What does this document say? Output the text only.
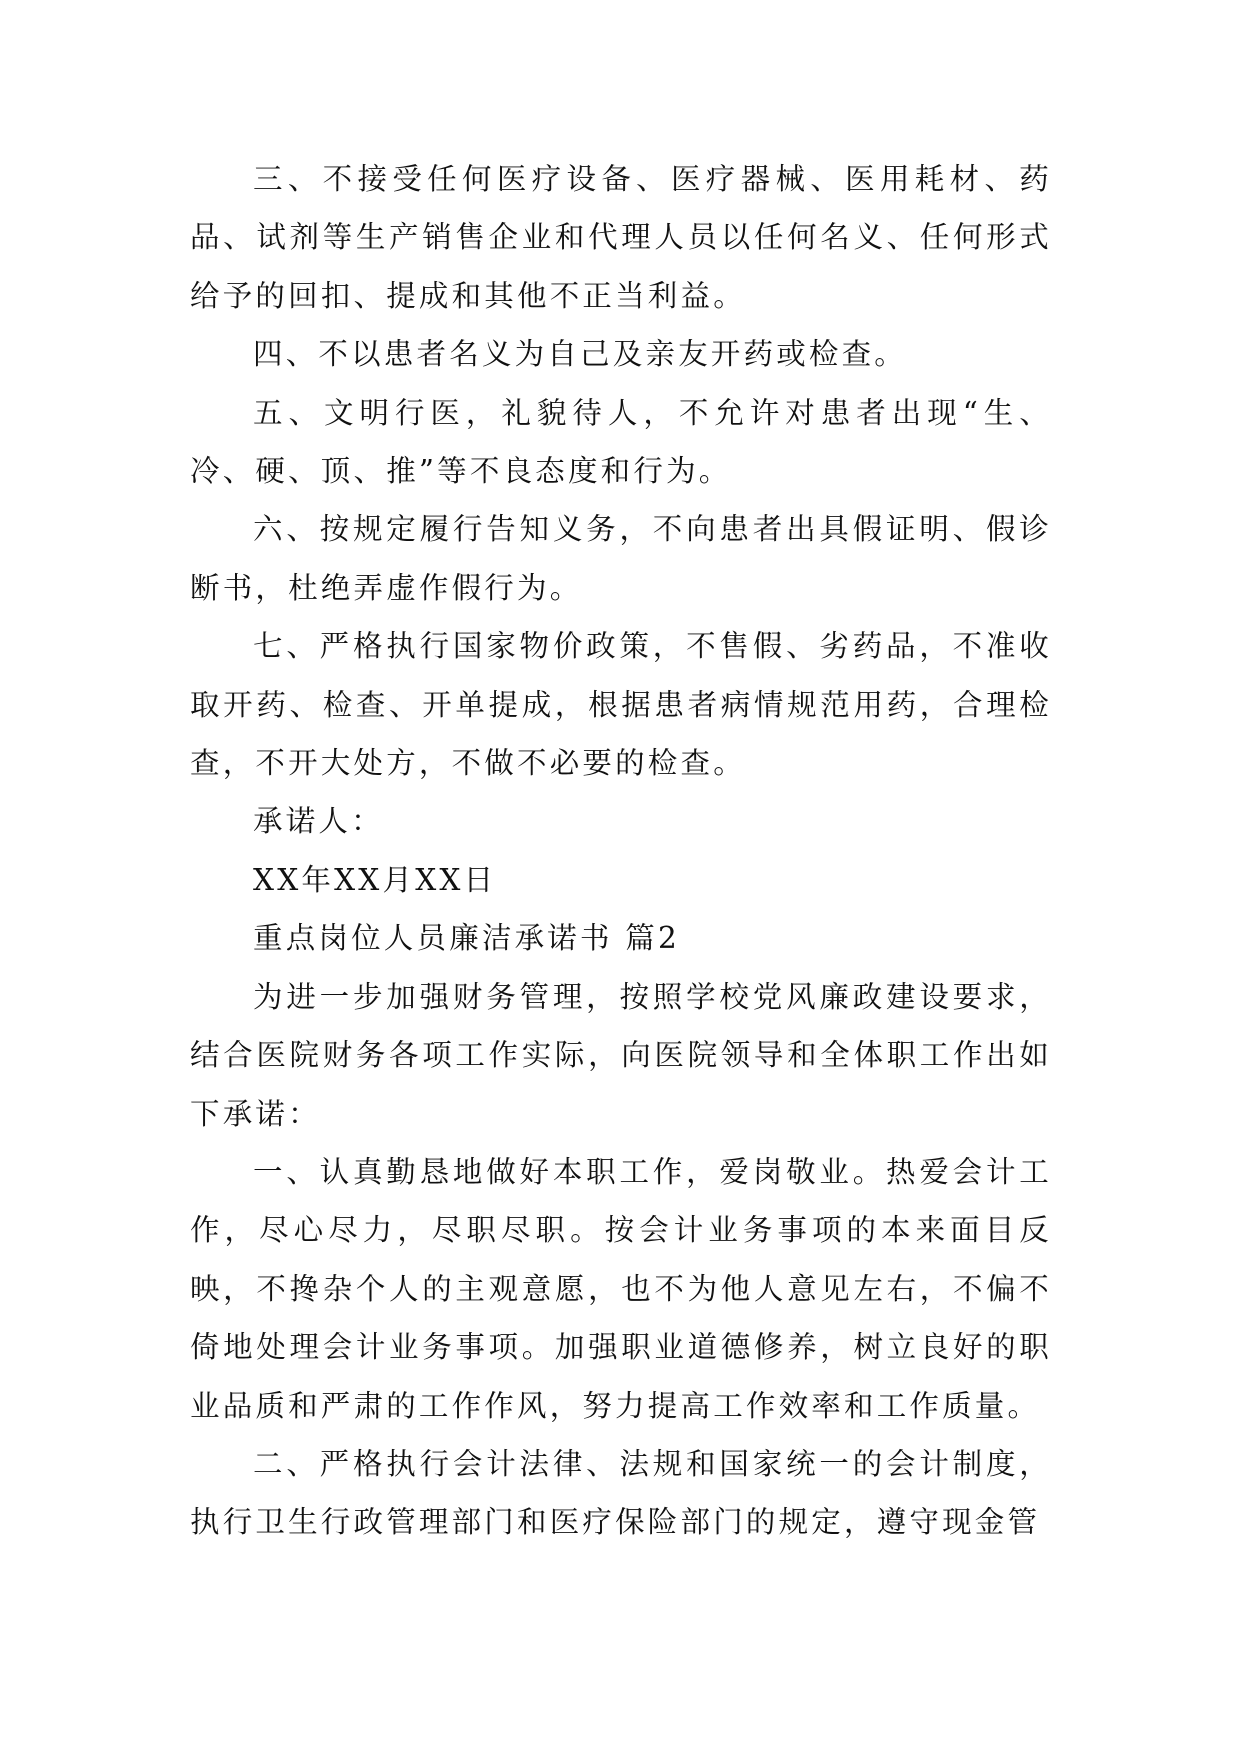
三、不接受任何医疗设备、医疗器械、医用耗材、药品、试剂等生产销售企业和代理人员以任何名义、任何形式给予的回扣、提成和其他不正当利益。

四、不以患者名义为自己及亲友开药或检查。

五、文明行医，礼貌待人，不允许对患者出现“生、冷、硬、顶、推”等不良态度和行为。

六、按规定履行告知义务，不向患者出具假证明、假诊断书，杜绝弄虚作假行为。

七、严格执行国家物价政策，不售假、劣药品，不准收取开药、检查、开单提成，根据患者病情规范用药，合理检查，不开大处方，不做不必要的检查。

承诺人：

XX年XX月XX日

重点岗位人员廉洁承诺书 篇2

为进一步加强财务管理，按照学校党风廉政建设要求，结合医院财务各项工作实际，向医院领导和全体职工作出如下承诺：

一、认真勤恳地做好本职工作，爱岗敬业。热爱会计工作，尽心尽力，尽职尽职。按会计业务事项的本来面目反映，不搀杂个人的主观意愿，也不为他人意见左右，不偏不倚地处理会计业务事项。加强职业道德修养，树立良好的职业品质和严肃的工作作风，努力提高工作效率和工作质量。

二、严格执行会计法律、法规和国家统一的会计制度，执行卫生行政管理部门和医疗保险部门的规定，遵守现金管
